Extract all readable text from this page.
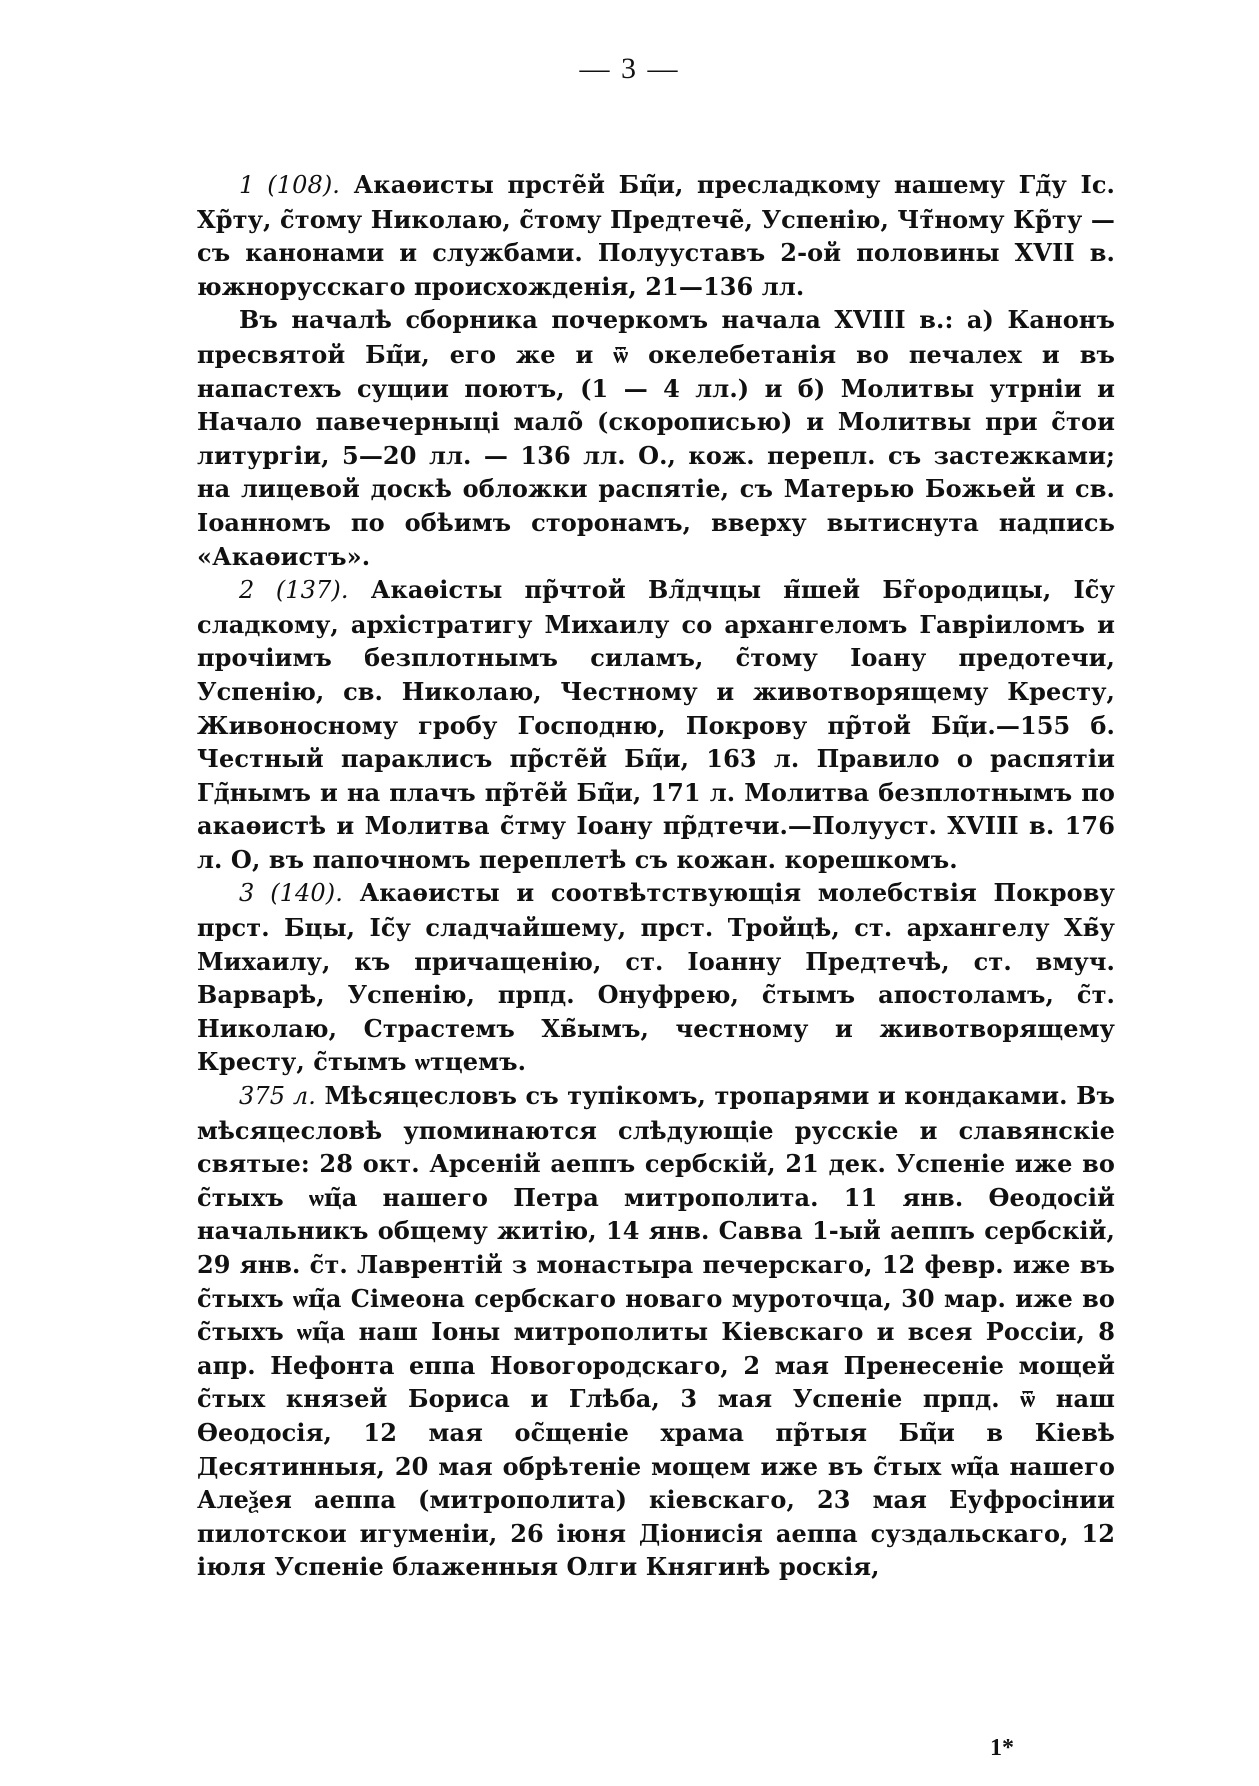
— 3 —

1 (108). Акаѳисты прсте̃й Бц̃и, пресладкому нашему Гд̃у Іс. Хр̃ту, с̃тому Николаю, с̃тому Предтече̃, Успенію, Чт̃ному Кр̃ту — съ канонами и службами. Полууставъ 2-ой половины XVII в. южнорусскаго происхожденія, 21—136 лл.

Въ началѣ сборника почеркомъ начала XVIII в.: а) Канонъ пресвятой Бц̃и, его же и ѿ окелебетанія во печалех и въ напастехъ сущии поютъ, (1 — 4 лл.) и б) Молитвы утрнiи и Начало павечерныці мало̃ (скорописью) и Молитвы при с̃тои литургіи, 5—20 лл. — 136 лл. О., кож. перепл. съ застежками; на лицевой доскѣ обложки распятіе, съ Матерью Божьей и св. Іоанномъ по обѣимъ сторонамъ, вверху вытиснута надпись «Акаѳистъ».

2 (137). Акаѳісты пр̃чтой Вл̃дчцы н̃шей Бг̃ородицы, Іс̃у сладкому, архістратигу Михаилу со архангеломъ Гавріиломъ и прочіимъ безплотнымъ силамъ, с̃тому Іоану предотечи, Успенію, св. Николаю, Честному и животворящему Кресту, Живоносному гробу Господню, Покрову пр̃той Бц̃и.—155 б. Честный параклисъ пр̃сте̃й Бц̃и, 163 л. Правило о распятіи Гд̃нымъ и на плачъ пр̃те̃й Бц̃и, 171 л. Молитва безплотнымъ по акаѳистѣ и Молитва с̃тму Іоану пр̃дтечи.—Полууст. XVIII в. 176 л. О, въ папочномъ переплетѣ съ кожан. корешкомъ.

3 (140). Акаѳисты и соотвѣтствующія молебствія Покрову прст. Бцы, Іс̃у сладчайшему, прст. Тройцѣ, ст. архангелу Хв̃у Михаилу, къ причащенію, ст. Іоанну Предтечѣ, ст. вмуч. Варварѣ, Успенію, прпд. Онуфрею, с̃тымъ апостоламъ, с̃т. Николаю, Страстемъ Хв̃ымъ, честному и животворящему Кресту, с̃тымъ ѡтцемъ.

375 л. Мѣсяцесловъ съ тупікомъ, тропарями и кондаками. Въ мѣсяцесловѣ упоминаются слѣдующіе русскіе и славянскіе святые: 28 окт. Арсеній аеппъ сербскій, 21 дек. Успеніе иже во с̃тыхъ ѡц̃а нашего Петра митрополита. 11 янв. Ѳеодосій начальникъ общему житію, 14 янв. Савва 1-ый аеппъ сербскій, 29 янв. с̃т. Лаврентій з монастыра печерскаго, 12 февр. иже въ с̃тыхъ ѡц̃а Сімеона сербскаго новаго муроточца, 30 мар. иже во с̃тыхъ ѡц̃а наш Іоны митрополиты Кіевскаго и всея Россіи, 8 апр. Нефонта еппа Новогородскаго, 2 мая Пренесеніе мощей с̃тых князей Бориса и Глѣба, 3 мая Успеніе прпд. ѿ наш Ѳеодосія, 12 мая ос̃щеніе храма пр̃тыя Бц̃и в Кіевѣ Десятинныя, 20 мая обрѣтеніе мощем иже въ с̃тых ѡц̃а нашего Алеѯея аеппа (митрополита) кіевскаго, 23 мая Еуфросінии пилотскои игуменіи, 26 іюня Діонисія аеппа суздальскаго, 12 іюля Успеніе блаженныя Олги Княгинѣ роскія,

1*
